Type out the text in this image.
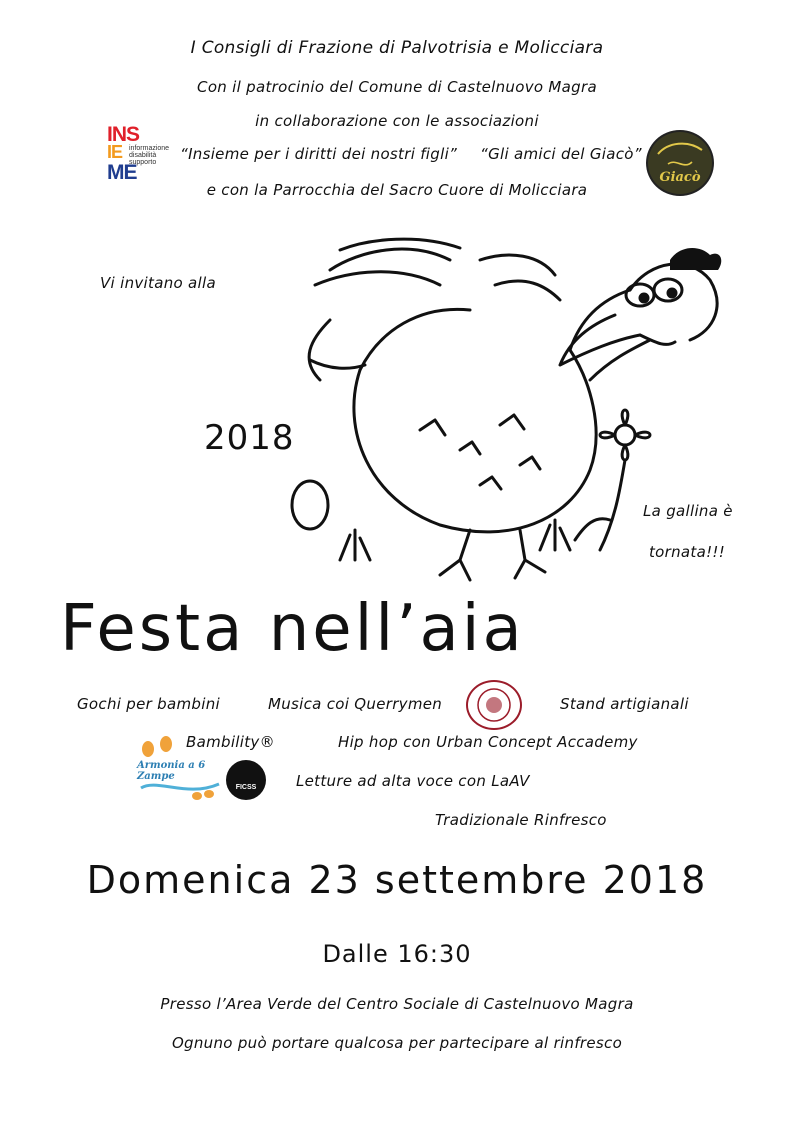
I Consigli di Frazione di Palvotrisia e Molicciara
Con il patrocinio del Comune di Castelnuovo Magra
in collaborazione con le associazioni
“Insieme per i diritti dei nostri figli” “Gli amici del Giacò”
e con la Parrocchia del Sacro Cuore di Molicciara
INS
IE informazione
disabilità
supporto
ME	Giacò
Vi invitano alla
2018
La gallina è
tornata!!!
Festa nell’aia
Gochi per bambini	Musica coi Querrymen	Stand artigianali
Bambility®	Hip hop con Urban Concept Accademy
Armonia a 6 Zampe
FICSS	Letture ad alta voce con LaAV
Tradizionale Rinfresco
Domenica 23 settembre 2018
Dalle 16:30
Presso l’Area Verde del Centro Sociale di Castelnuovo Magra
Ognuno può portare qualcosa per partecipare al rinfresco
